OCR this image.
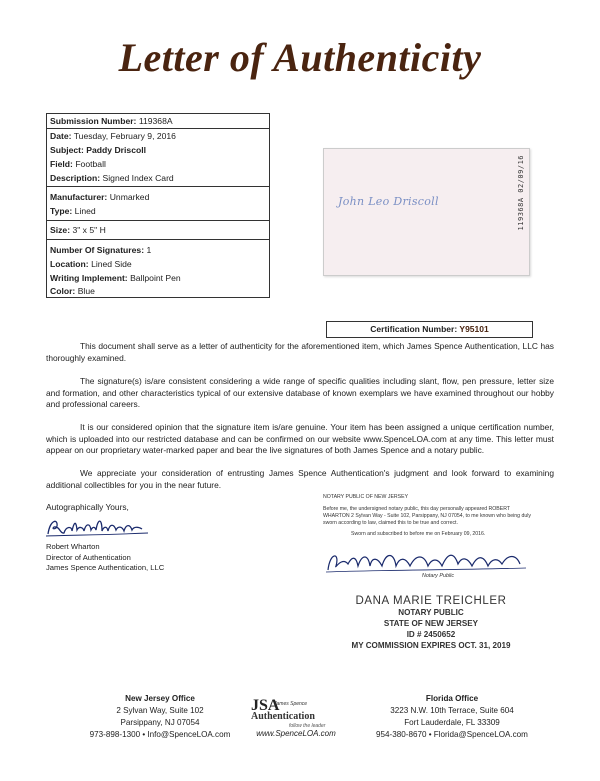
Letter of Authenticity
Submission Number: 119368A
Date: Tuesday, February 9, 2016
Subject: Paddy Driscoll
Field: Football
Description: Signed Index Card
Manufacturer: Unmarked
Type: Lined
Size: 3" x 5" H
Number Of Signatures: 1
Location: Lined Side
Writing Implement: Ballpoint Pen
Color: Blue
John Leo Driscoll	119368A 02/09/16
Certification Number: Y95101
This document shall serve as a letter of authenticity for the aforementioned item, which James Spence Authentication, LLC has thoroughly examined.
The signature(s) is/are consistent considering a wide range of specific qualities including slant, flow, pen pressure, letter size and formation, and other characteristics typical of our extensive database of known exemplars we have examined throughout our hobby and professional careers.
It is our considered opinion that the signature item is/are genuine. Your item has been assigned a unique certification number, which is uploaded into our restricted database and can be confirmed on our website www.SpenceLOA.com at any time. This letter must appear on our proprietary water-marked paper and bear the live signatures of both James Spence and a notary public.
We appreciate your consideration of entrusting James Spence Authentication's judgment and look forward to examining additional collectibles for you in the near future.
Autographically Yours,
Robert Wharton
Director of Authentication
James Spence Authentication, LLC
NOTARY PUBLIC OF NEW JERSEY
Before me, the undersigned notary public, this day personally appeared ROBERT WHARTON 2 Sylvan Way - Suite 102, Parsippany, NJ 07054, to me known who being duly sworn according to law, claimed this to be true and correct.
Sworn and subscribed to before me on February 09, 2016.
Notary Public
DANA MARIE TREICHLER
NOTARY PUBLIC
STATE OF NEW JERSEY
ID # 2450652
MY COMMISSION EXPIRES OCT. 31, 2019
New Jersey Office
2 Sylvan Way, Suite 102
Parsippany, NJ 07054
973-898-1300 • Info@SpenceLOA.com
JSA
James Spence
Authentication
follow the leader
www.SpenceLOA.com
Florida Office
3223 N.W. 10th Terrace, Suite 604
Fort Lauderdale, FL 33309
954-380-8670 • Florida@SpenceLOA.com
